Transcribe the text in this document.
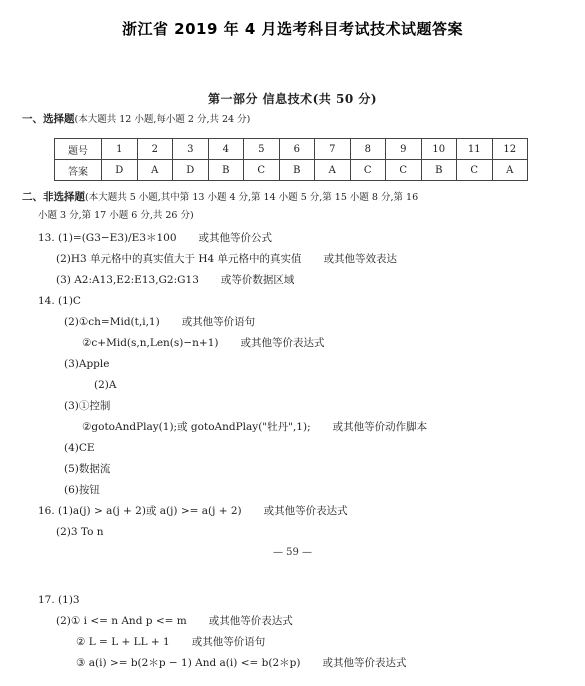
浙江省 2019 年 4 月选考科目考试技术试题答案
第一部分 信息技术(共 50 分)
一、选择题(本大题共 12 小题,每小题 2 分,共 24 分)
题号	1	2	3	4	5	6	7	8	9	10	11	12
答案	D	A	D	B	C	B	A	C	C	B	C	A
二、非选择题(本大题共 5 小题,其中第 13 小题 4 分,第 14 小题 5 分,第 15 小题 8 分,第 16
小题 3 分,第 17 小题 6 分,共 26 分)
13. (1)=(G3−E3)/E3＊100 或其他等价公式
(2)H3 单元格中的真实值大于 H4 单元格中的真实值 或其他等效表达
(3) A2:A13,E2:E13,G2:G13 或等价数据区域
14. (1)C
(2)①ch=Mid(t,i,1) 或其他等价语句
②c+Mid(s,n,Len(s)−n+1) 或其他等价表达式
(3)Apple
(2)A
(3)①控制
②gotoAndPlay(1);或 gotoAndPlay("牡丹",1); 或其他等价动作脚本
(4)CE
(5)数据流
(6)按钮
16. (1)a(j) > a(j + 2)或 a(j) >= a(j + 2) 或其他等价表达式
(2)3 To n
— 59 —
17. (1)3
(2)① i <= n And p <= m 或其他等价表达式
② L = L + LL + 1 或其他等价语句
③ a(i) >= b(2＊p − 1) And a(i) <= b(2＊p) 或其他等价表达式
